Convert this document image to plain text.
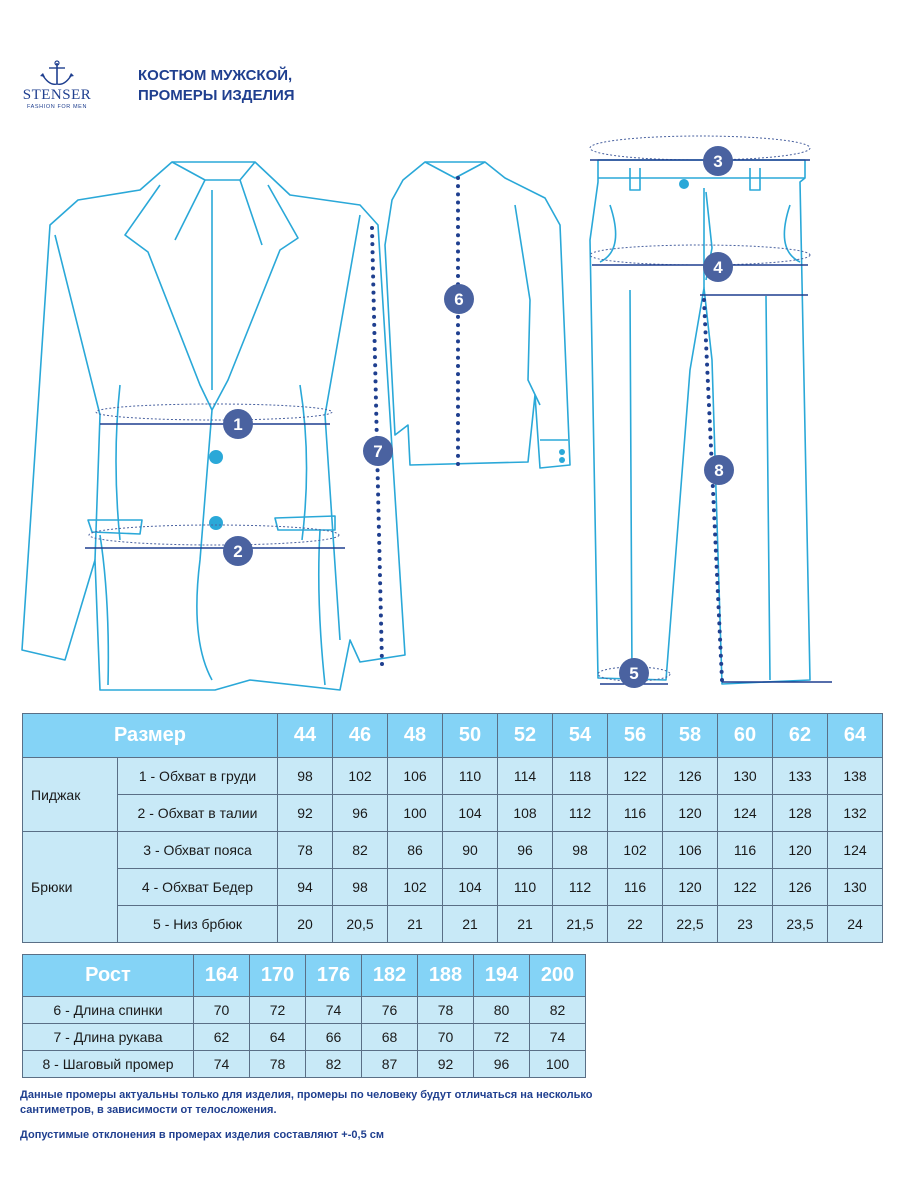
STENSER
FASHION FOR MEN
КОСТЮМ МУЖСКОЙ,
ПРОМЕРЫ ИЗДЕЛИЯ
1
2
3
4
5
6
7
8
Размер		44	46	48	50	52	54	56	58	60	62	64
Пиджак	1 - Обхват в груди	98	102	106	110	114	118	122	126	130	133	138
	2 - Обхват в талии	92	96	100	104	108	112	116	120	124	128	132
Брюки	3 - Обхват пояса	78	82	86	90	96	98	102	106	116	120	124
	4 - Обхват Бедер	94	98	102	104	110	112	116	120	122	126	130
	5 - Низ брбюк	20	20,5	21	21	21	21,5	22	22,5	23	23,5	24
Рост	164	170	176	182	188	194	200
6 - Длина спинки	70	72	74	76	78	80	82
7 - Длина рукава	62	64	66	68	70	72	74
8 - Шаговый промер	74	78	82	87	92	96	100
Данные промеры актуальны только для изделия, промеры по человеку будут отличаться на несколько сантиметров, в зависимости от телосложения.
Допустимые отклонения в промерах изделия составляют +-0,5 см
